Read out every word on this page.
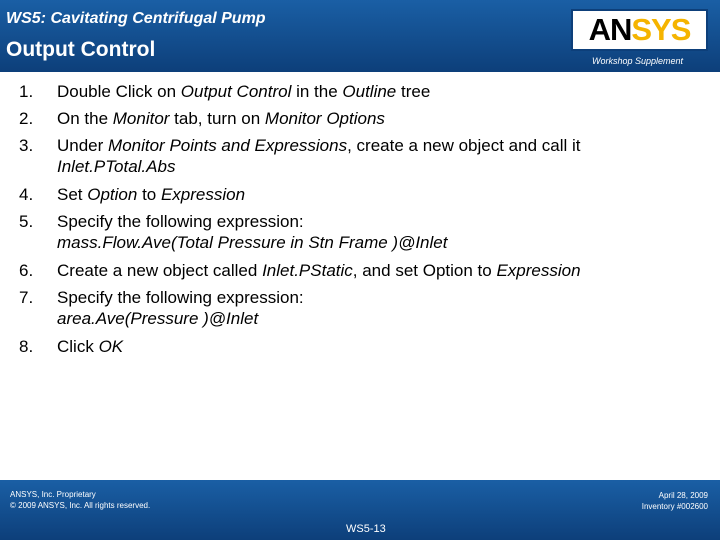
WS5: Cavitating Centrifugal Pump
Output Control
ANSYS
Workshop Supplement
1. Double Click on Output Control in the Outline tree
2. On the Monitor tab, turn on Monitor Options
3. Under Monitor Points and Expressions, create a new object and call it
Inlet.PTotal.Abs
4. Set Option to Expression
5. Specify the following expression:
mass.Flow.Ave(Total Pressure in Stn Frame )@Inlet
6. Create a new object called Inlet.PStatic, and set Option to Expression
7. Specify the following expression:
area.Ave(Pressure )@Inlet
8. Click OK
ANSYS, Inc. Proprietary
© 2009 ANSYS, Inc. All rights reserved.
WS5-13
April 28, 2009
Inventory #002600
